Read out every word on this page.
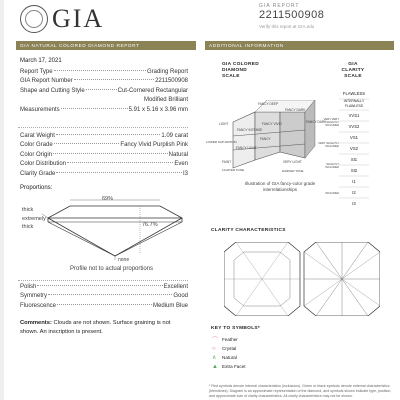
GIA	GIA REPORT
2211500908
Verify this report at GIA.edu
GIA NATURAL COLORED DIAMOND REPORT	ADDITIONAL INFORMATION
March 17, 2021
Report Type	Grading Report
GIA Report Number	2211500908
Shape and Cutting Style	Cut-Cornered Rectangular
Modified Brilliant
Measurements	5.91 x 5.16 x 3.96 mm
Carat Weight	1.09 carat
Color Grade	Fancy Vivid Purplish Pink
Color Origin	Natural
Color Distribution	Even
Clarity Grade	I3
Proportions:
69%
76.7%
thick
extremely
thick
none
Profile not to actual proportions
Polish	Excellent
Symmetry	Good
Fluorescence	Medium Blue
Comments: Clouds are not shown. Surface graining is not shown. An inscription is present.
GIA COLORED
DIAMOND
SCALE
FANCY DEEP
FANCY DARK
FANCY VIVID
FANCY INTENSE
FANCY
FANCY LIGHT
LIGHT
FAINT	VERY LIGHT
FANCY DARK
LOWER SATURATION
LIGHTER TONE	DARKER TONE
Illustration of GIA fancy-color grade interrelationships
GIA
CLARITY
SCALE
FLAWLESS
INTERNALLY FLAWLESS
VVS1
VVS2
VS1
VS2
SI1
SI2
I1
I2
I3
VERY VERY SLIGHTLY INCLUDED
VERY SLIGHTLY INCLUDED
SLIGHTLY INCLUDED
INCLUDED
CLARITY CHARACTERISTICS
KEY TO SYMBOLS*
⌒ Feather
○	Crystal
∧	Natural
▲ Extra Facet
* Red symbols denote internal characteristics (inclusions). Green or black symbols denote external characteristics (blemishes). Diagram is an approximate representation of the diamond, and symbols shown indicate type, position, and approximate size of clarity characteristics. All clarity characteristics may not be shown.
